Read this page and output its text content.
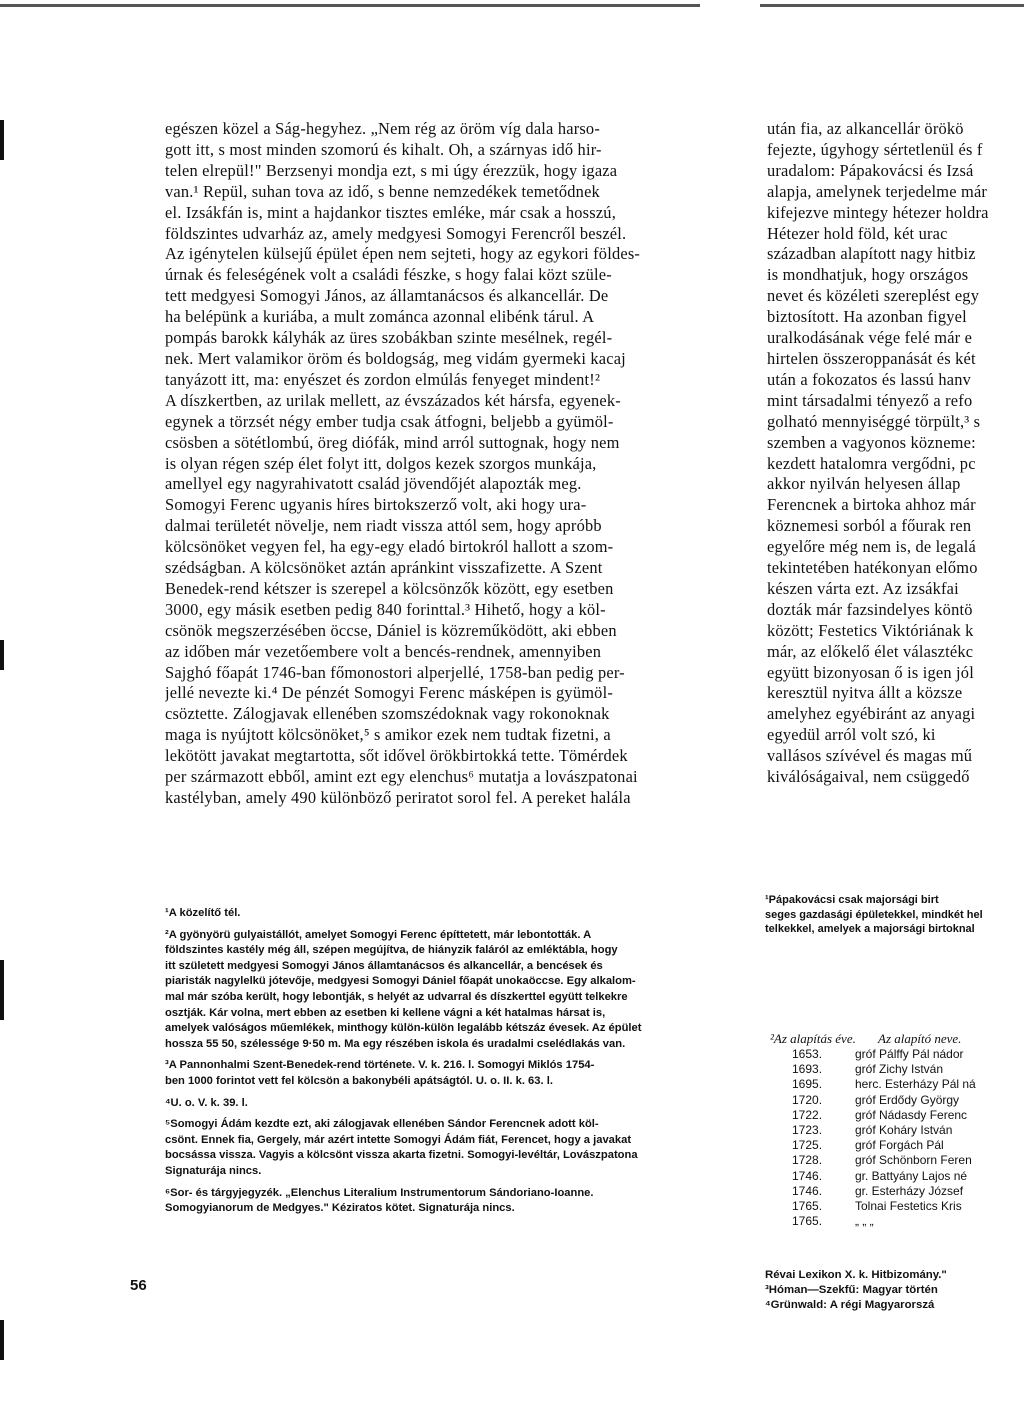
egészen közel a Ság-hegyhez. „Nem rég az öröm víg dala harso-
gott itt, s most minden szomorú és kihalt. Oh, a szárnyas idő hir-
telen elrepül!" Berzsenyi mondja ezt, s mi úgy érezzük, hogy igaza
van.¹ Repül, suhan tova az idő, s benne nemzedékek temetődnek
el. Izsákfán is, mint a hajdankor tisztes emléke, már csak a hosszú,
földszintes udvarház az, amely medgyesi Somogyi Ferencről beszél.
Az igénytelen külsejű épület épen nem sejteti, hogy az egykori földes-
úrnak és feleségének volt a családi fészke, s hogy falai közt szüle-
tett medgyesi Somogyi János, az államtanácsos és alkancellár. De
ha belépünk a kuriába, a mult zománca azonnal elibénk tárul. A
pompás barokk kályhák az üres szobákban szinte mesélnek, regél-
nek. Mert valamikor öröm és boldogság, meg vidám gyermeki kacaj
tanyázott itt, ma: enyészet és zordon elmúlás fenyeget mindent!²
A díszkertben, az urilak mellett, az évszázados két hársfa, egyenek-
egynek a törzsét négy ember tudja csak átfogni, beljebb a gyümöl-
csösben a sötétlombú, öreg diófák, mind arról suttognak, hogy nem
is olyan régen szép élet folyt itt, dolgos kezek szorgos munkája,
amellyel egy nagyrahivatott család jövendőjét alapozták meg.
Somogyi Ferenc ugyanis híres birtokszerző volt, aki hogy ura-
dalmai területét növelje, nem riadt vissza attól sem, hogy apróbb
kölcsönöket vegyen fel, ha egy-egy eladó birtokról hallott a szom-
szédságban. A kölcsönöket aztán apránkint visszafizette. A Szent
Benedek-rend kétszer is szerepel a kölcsönzők között, egy esetben
3000, egy másik esetben pedig 840 forinttal.³ Hihető, hogy a köl-
csönök megszerzésében öccse, Dániel is közreműködött, aki ebben
az időben már vezetőembere volt a bencés-rendnek, amennyiben
Sajghó főapát 1746-ban főmonostori alperjellé, 1758-ban pedig per-
jellé nevezte ki.⁴ De pénzét Somogyi Ferenc másképen is gyümöl-
csöztette. Zálogjavak ellenében szomszédoknak vagy rokonoknak
maga is nyújtott kölcsönöket,⁵ s amikor ezek nem tudtak fizetni, a
lekötött javakat megtartotta, sőt idővel örökbirtokká tette. Tömérdek
per származott ebből, amint ezt egy elenchus⁶ mutatja a lovászpatonai
kastélyban, amely 490 különböző periratot sorol fel. A pereket halála
¹A közelítő tél.
²A gyönyörü gulyaistállót, amelyet Somogyi Ferenc építtetett, már lebontották. A
földszintes kastély még áll, szépen megújítva, de hiányzik faláról az emléktábla, hogy
itt született medgyesi Somogyi János államtanácsos és alkancellár, a bencések és
piaristák nagylelkü jótevője, medgyesi Somogyi Dániel főapát unokaöccse. Egy alkalom-
mal már szóba került, hogy lebontják, s helyét az udvarral és díszkerttel együtt telkekre
osztják. Kár volna, mert ebben az esetben ki kellene vágni a két hatalmas hársat is,
amelyek valóságos műemlékek, minthogy külön-külön legalább kétszáz évesek. Az épület
hossza 55 50, szélessége 9·50 m. Ma egy részében iskola és uradalmi cselédlakás van.
³A Pannonhalmi Szent-Benedek-rend története. V. k. 216. l. Somogyi Miklós 1754-
ben 1000 forintot vett fel kölcsön a bakonybéli apátságtól. U. o. II. k. 63. l.
⁴U. o. V. k. 39. l.
⁵Somogyi Ádám kezdte ezt, aki zálogjavak ellenében Sándor Ferencnek adott köl-
csönt. Ennek fia, Gergely, már azért intette Somogyi Ádám fiát, Ferencet, hogy a javakat
bocsássa vissza. Vagyis a kölcsönt vissza akarta fizetni. Somogyi-levéltár, Lovászpatona
Signaturája nincs.
⁶Sor- és tárgyjegyzék. „Elenchus Literalium Instrumentorum Sándoriano-Ioanne.
Somogyianorum de Medgyes." Kéziratos kötet. Signaturája nincs.
56
után fia, az alkancellár örökö
fejezte, úgyhogy sértetlenül és f
uradalom: Pápakovácsi és Izsá
alapja, amelynek terjedelme már
kifejezve mintegy hétezer holdra
Hétezer hold föld, két urac
században alapított nagy hitbiz
is mondhatjuk, hogy országos
nevet és közéleti szereplést egy
biztosított. Ha azonban figyel
uralkodásának vége felé már e
hirtelen összeroppanását és két
után a fokozatos és lassú hanv
mint társadalmi tényező a refo
golható mennyiséggé törpült,³ s
szemben a vagyonos közneme:
kezdett hatalomra vergődni, pc
akkor nyilván helyesen állap
Ferencnek a birtoka ahhoz már
köznemesi sorból a főurak ren
egyelőre még nem is, de legalá
tekintetében hatékonyan előmo
készen várta ezt. Az izsákfai
dozták már fazsindelyes köntö
között; Festetics Viktóriának k
már, az előkelő élet választékc
együtt bizonyosan ő is igen jól
keresztül nyitva állt a közsze
amelyhez egyébiránt az anyagi
egyedül arról volt szó, ki
vallásos szívével és magas mű
kiválóságaival, nem csüggedő
¹Pápakovácsi csak majorsági birt
seges gazdasági épületekkel, mindkét hel
telkekkel, amelyek a majorsági birtoknal
²Az alapítás éve.	Az alapító neve.
1653.	gróf Pálffy Pál nádor
1693.	gróf Zichy István
1695.	herc. Esterházy Pál ná
1720.	gróf Erdődy György
1722.	gróf Nádasdy Ferenc
1723.	gróf Koháry István
1725.	gróf Forgách Pál
1728.	gróf Schönborn Feren
1746.	gr. Battyány Lajos né
1746.	gr. Esterházy József
1765.	Tolnai Festetics Kris
1765.	„ „ „
Révai Lexikon X. k. Hitbizomány."
³Hóman—Szekfű: Magyar történ
⁴Grünwald: A régi Magyarorszá
